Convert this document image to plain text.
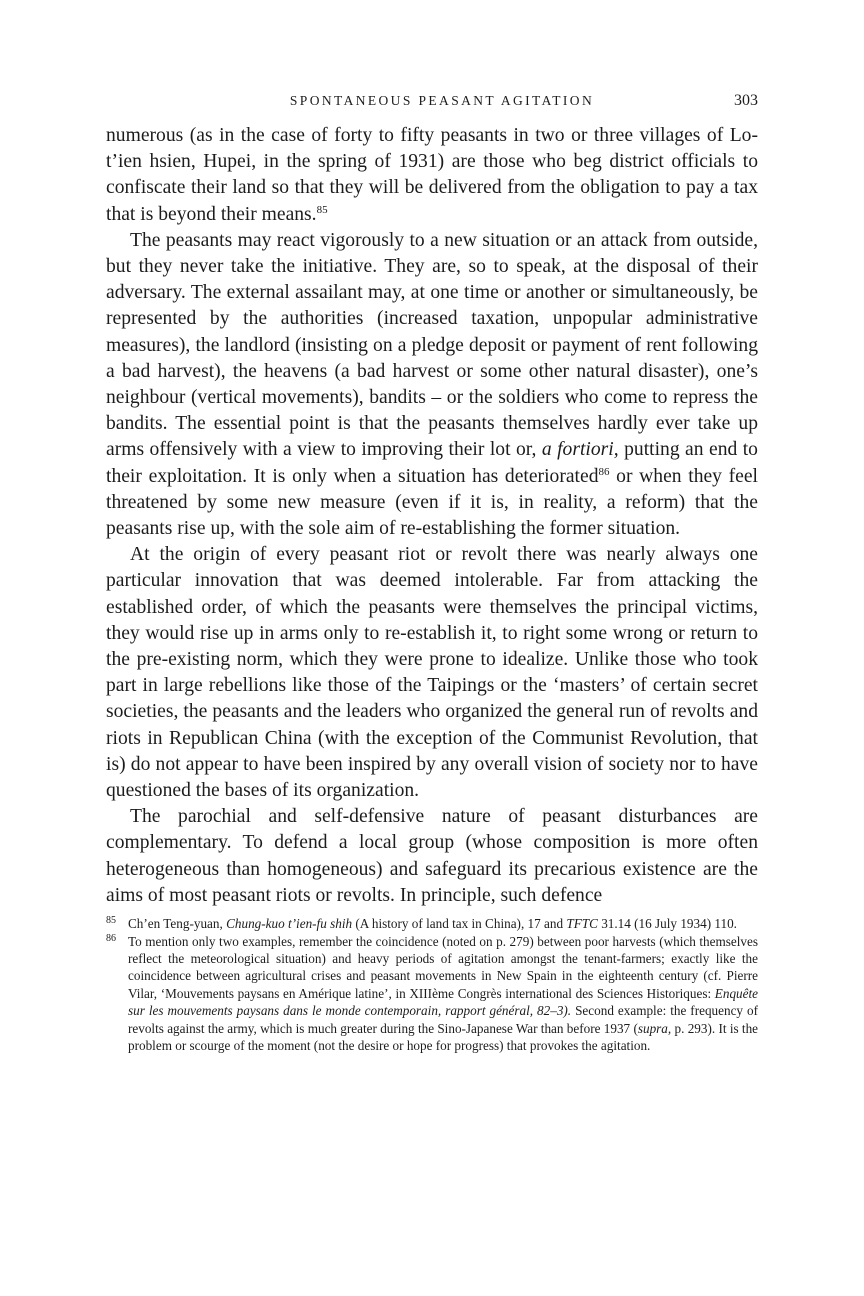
SPONTANEOUS PEASANT AGITATION	303

numerous (as in the case of forty to fifty peasants in two or three villages of Lo-t’ien hsien, Hupei, in the spring of 1931) are those who beg district officials to confiscate their land so that they will be delivered from the obligation to pay a tax that is beyond their means.$^{85}$

The peasants may react vigorously to a new situation or an attack from outside, but they never take the initiative. They are, so to speak, at the disposal of their adversary. The external assailant may, at one time or another or simultaneously, be represented by the authorities (increased taxation, unpopular administrative measures), the landlord (insisting on a pledge deposit or payment of rent following a bad harvest), the heavens (a bad harvest or some other natural disaster), one’s neighbour (vertical movements), bandits – or the soldiers who come to repress the bandits. The essential point is that the peasants themselves hardly ever take up arms offensively with a view to improving their lot or, a fortiori, putting an end to their exploitation. It is only when a situation has deteriorated$^{86}$ or when they feel threatened by some new measure (even if it is, in reality, a reform) that the peasants rise up, with the sole aim of re-establishing the former situation.

At the origin of every peasant riot or revolt there was nearly always one particular innovation that was deemed intolerable. Far from attacking the established order, of which the peasants were themselves the principal victims, they would rise up in arms only to re-establish it, to right some wrong or return to the pre-existing norm, which they were prone to idealize. Unlike those who took part in large rebellions like those of the Taipings or the ‘masters’ of certain secret societies, the peasants and the leaders who organized the general run of revolts and riots in Republican China (with the exception of the Communist Revolution, that is) do not appear to have been inspired by any overall vision of society nor to have questioned the bases of its organization.

The parochial and self-defensive nature of peasant disturbances are complementary. To defend a local group (whose composition is more often heterogeneous than homogeneous) and safeguard its precarious existence are the aims of most peasant riots or revolts. In principle, such defence

85 Ch’en Teng-yuan, Chung-kuo t’ien-fu shih (A history of land tax in China), 17 and TFTC 31.14 (16 July 1934) 110.
86 To mention only two examples, remember the coincidence (noted on p. 279) between poor harvests (which themselves reflect the meteorological situation) and heavy periods of agitation amongst the tenant-farmers; exactly like the coincidence between agricultural crises and peasant movements in New Spain in the eighteenth century (cf. Pierre Vilar, ‘Mouvements paysans en Amérique latine’, in XIIIème Congrès international des Sciences Historiques: Enquête sur les mouvements paysans dans le monde contemporain, rapport général, 82–3). Second example: the frequency of revolts against the army, which is much greater during the Sino-Japanese War than before 1937 (supra, p. 293). It is the problem or scourge of the moment (not the desire or hope for progress) that provokes the agitation.
